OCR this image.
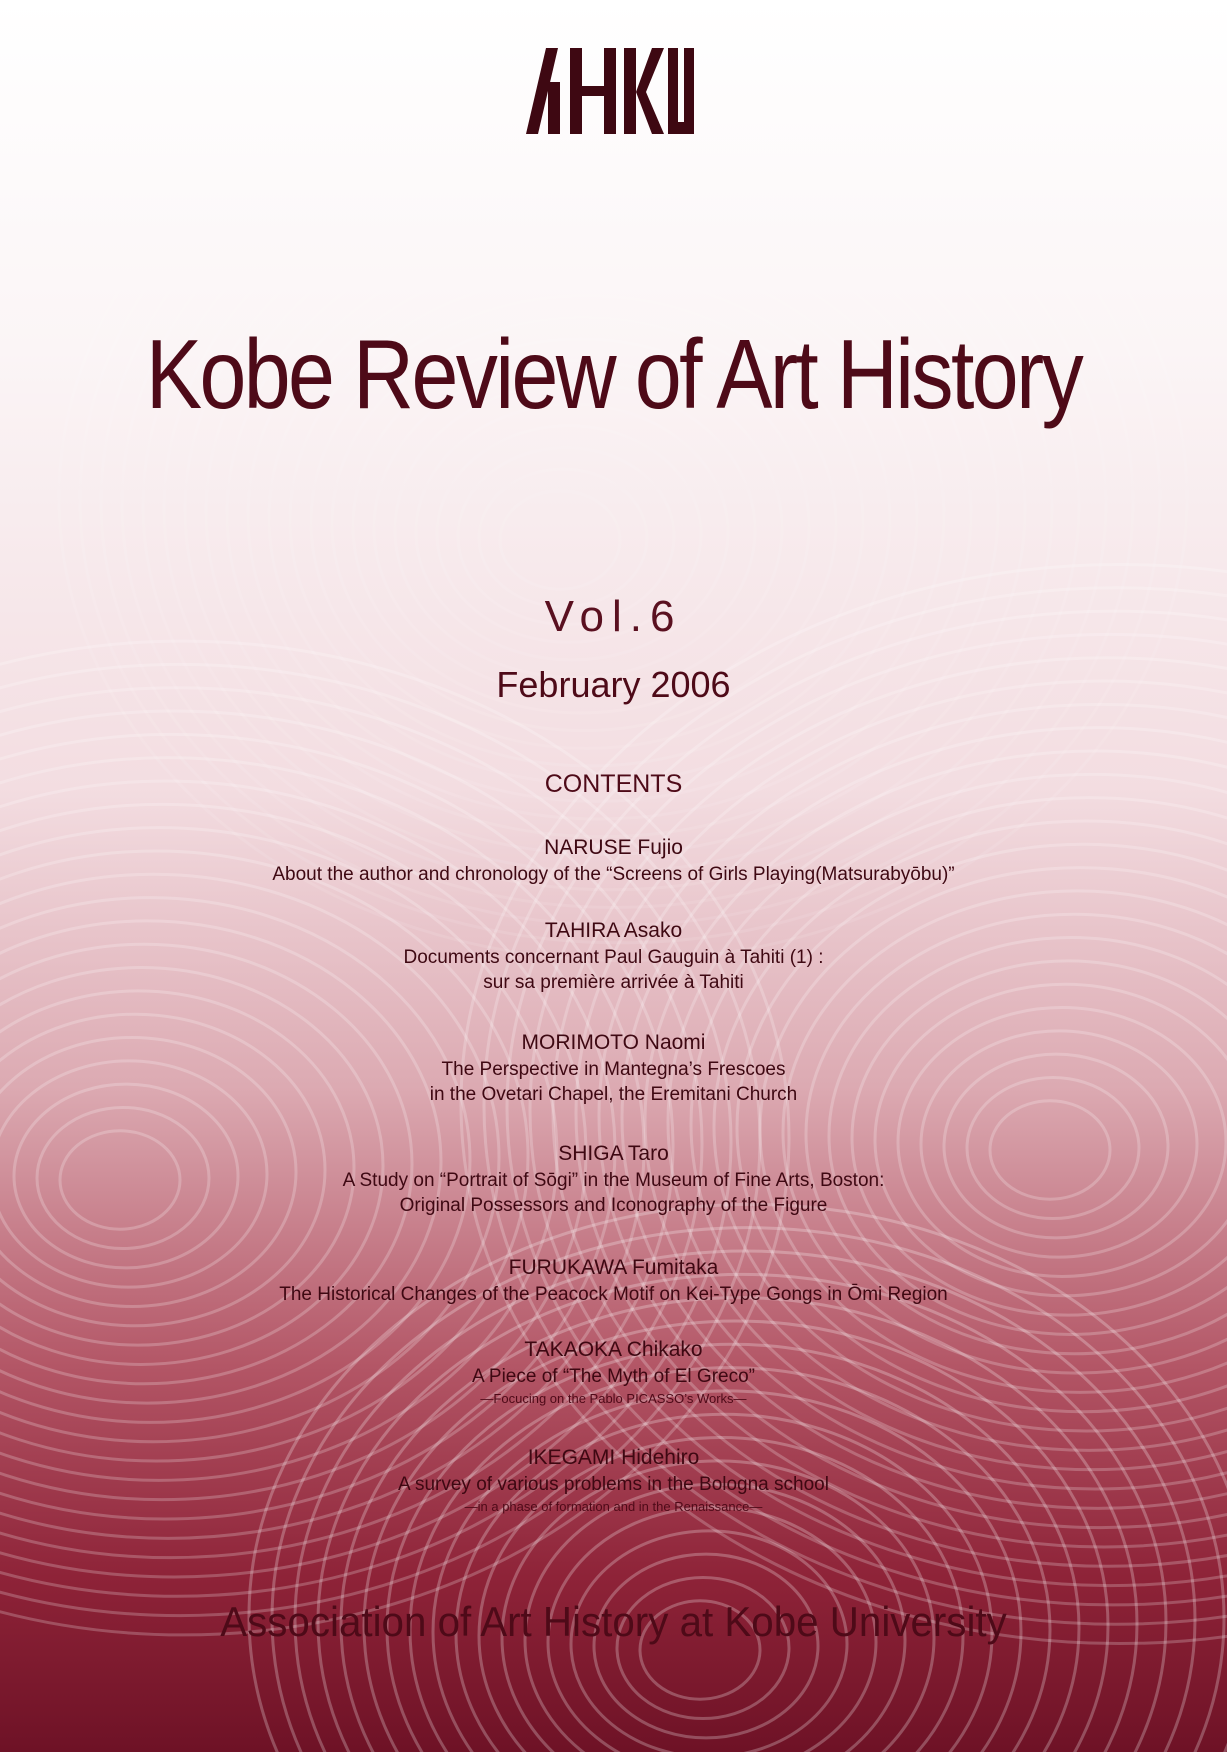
Kobe Review of Art History
Vol.6
February 2006
CONTENTS
NARUSE Fujio
About the author and chronology of the “Screens of Girls Playing(Matsurabyōbu)”
TAHIRA Asako
Documents concernant Paul Gauguin à Tahiti (1) :
sur sa première arrivée à Tahiti
MORIMOTO Naomi
The Perspective in Mantegna’s Frescoes
in the Ovetari Chapel, the Eremitani Church
SHIGA Taro
A Study on “Portrait of Sōgi” in the Museum of Fine Arts, Boston:
Original Possessors and Iconography of the Figure
FURUKAWA Fumitaka
The Historical Changes of the Peacock Motif on Kei-Type Gongs in Ōmi Region
TAKAOKA Chikako
A Piece of “The Myth of El Greco”
—Focucing on the Pablo PICASSO’s Works—
IKEGAMI Hidehiro
A survey of various problems in the Bologna school
—in a phase of formation and in the Renaissance—
Association of Art History at Kobe University
